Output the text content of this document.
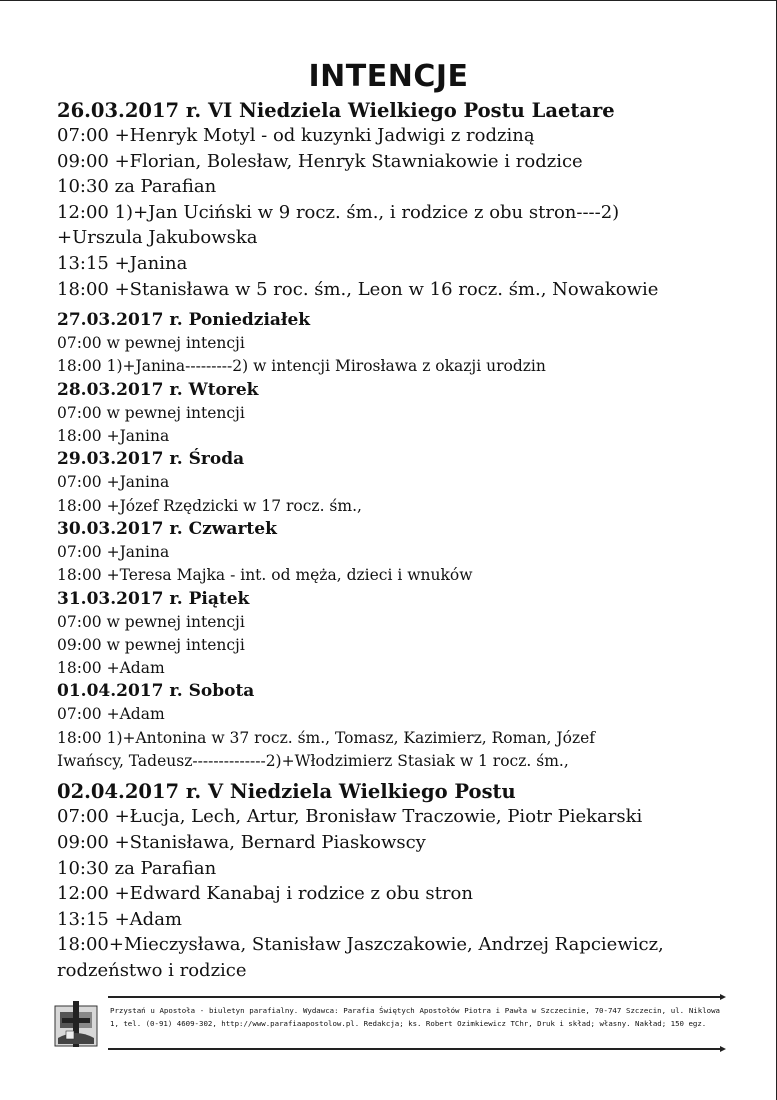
INTENCJE
26.03.2017 r. VI Niedziela Wielkiego Postu Laetare
07:00 +Henryk Motyl - od kuzynki Jadwigi z rodziną
09:00 +Florian, Bolesław, Henryk Stawniakowie i rodzice
10:30 za Parafian
12:00 1)+Jan Uciński w 9 rocz. śm., i rodzice z obu stron----2)
+Urszula Jakubowska
13:15 +Janina
18:00 +Stanisława w 5 roc. śm., Leon w 16 rocz. śm., Nowakowie
27.03.2017 r. Poniedziałek
07:00 w pewnej intencji
18:00 1)+Janina---------2) w intencji Mirosława z okazji urodzin
28.03.2017 r. Wtorek
07:00 w pewnej intencji
18:00 +Janina
29.03.2017 r. Środa
07:00 +Janina
18:00 +Józef Rzędzicki w 17 rocz. śm.,
30.03.2017 r. Czwartek
07:00 +Janina
18:00 +Teresa Majka - int. od męża, dzieci i wnuków
31.03.2017 r. Piątek
07:00 w pewnej intencji
09:00 w pewnej intencji
18:00 +Adam
01.04.2017 r. Sobota
07:00 +Adam
18:00 1)+Antonina w 37 rocz. śm., Tomasz, Kazimierz, Roman, Józef
Iwańscy, Tadeusz--------------2)+Włodzimierz Stasiak w 1 rocz. śm.,
02.04.2017 r. V Niedziela Wielkiego Postu
07:00 +Łucja, Lech, Artur, Bronisław Traczowie, Piotr Piekarski
09:00 +Stanisława, Bernard Piaskowscy
10:30 za Parafian
12:00 +Edward Kanabaj i rodzice z obu stron
13:15 +Adam
18:00+Mieczysława, Stanisław Jaszczakowie, Andrzej Rapciewicz,
rodzeństwo i rodzice
Przystań u Apostoła - biuletyn parafialny. Wydawca: Parafia Świętych Apostołów Piotra i Pawła w Szczecinie, 70-747 Szczecin, ul. Niklowa 1, tel. (0-91) 4609-302, http://www.parafiaapostolow.pl. Redakcja; ks. Robert Ozimkiewicz TChr, Druk i skład; własny. Nakład; 150 egz.
